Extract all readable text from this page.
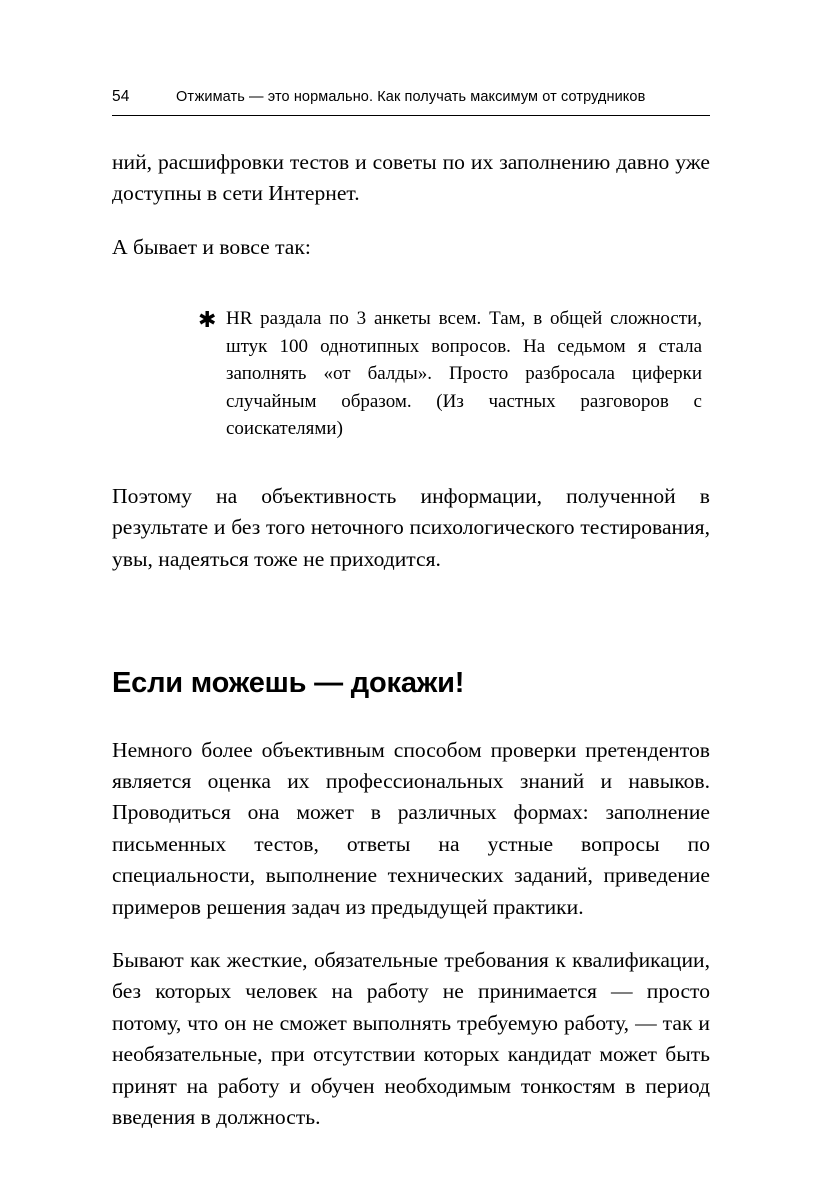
54	Отжимать — это нормально. Как получать максимум от сотрудников

ний, расшифровки тестов и советы по их заполнению давно уже доступны в сети Интернет.

А бывает и вовсе так:

✱ HR раздала по 3 анкеты всем. Там, в общей сложности, штук 100 однотипных вопросов. На седьмом я стала заполнять «от балды». Просто разбросала циферки случайным образом. (Из частных разговоров с соискателями)

Поэтому на объективность информации, полученной в результате и без того неточного психологического тестирования, увы, надеяться тоже не приходится.

Если можешь — докажи!

Немного более объективным способом проверки претендентов является оценка их профессиональных знаний и навыков. Проводиться она может в различных формах: заполнение письменных тестов, ответы на устные вопросы по специальности, выполнение технических заданий, приведение примеров решения задач из предыдущей практики.

Бывают как жесткие, обязательные требования к квалификации, без которых человек на работу не принимается — просто потому, что он не сможет выполнять требуемую работу, — так и необязательные, при отсутствии которых кандидат может быть принят на работу и обучен необходимым тонкостям в период введения в должность.
